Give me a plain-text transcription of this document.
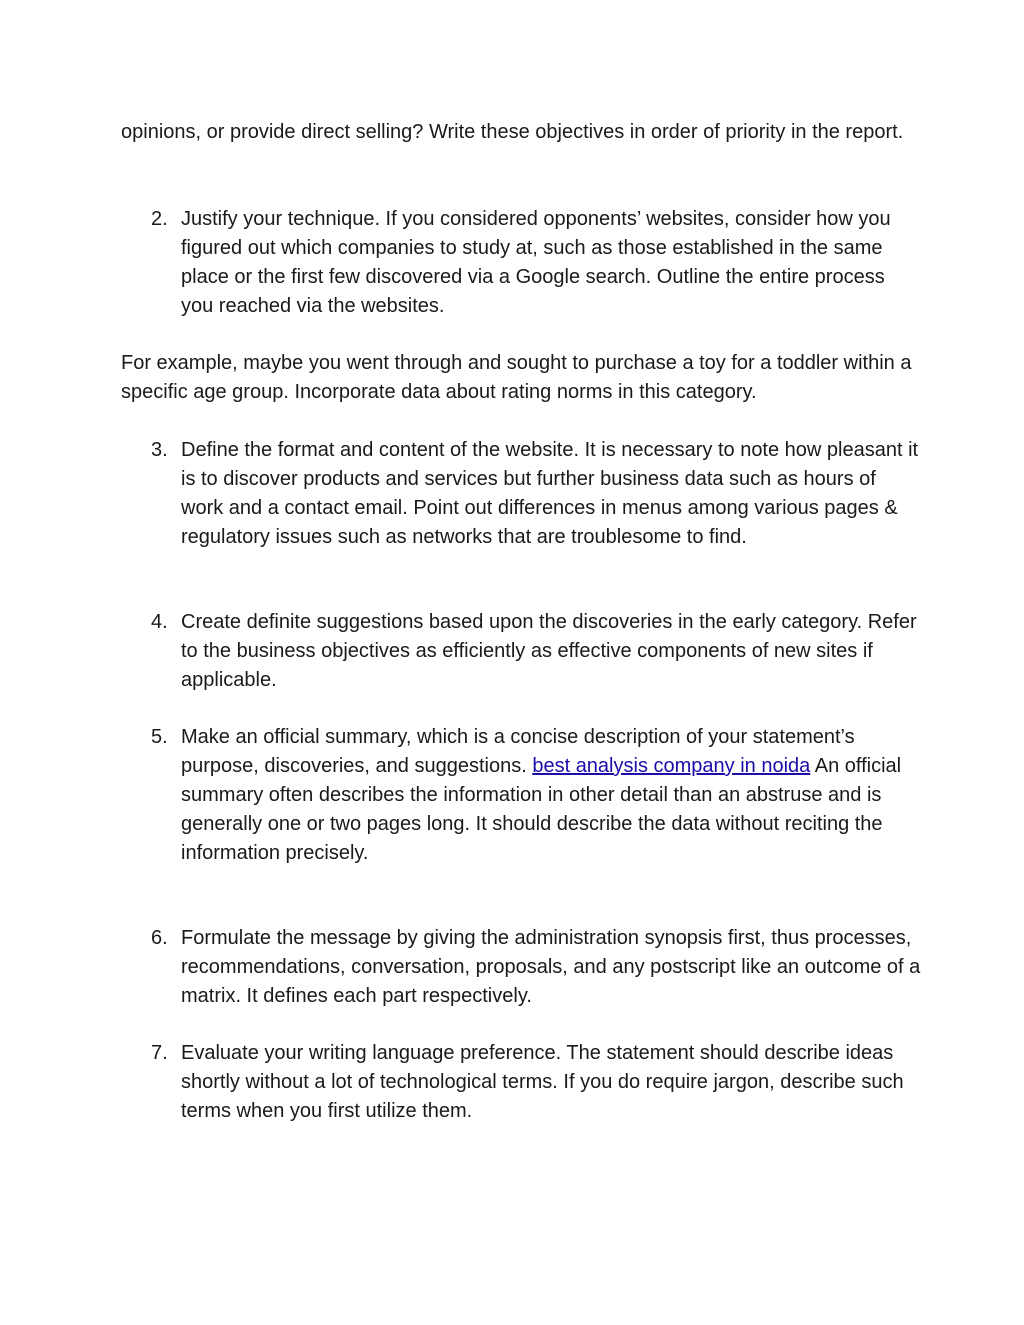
opinions, or provide direct selling? Write these objectives in order of priority in the report.

2. Justify your technique. If you considered opponents’ websites, consider how you figured out which companies to study at, such as those established in the same place or the first few discovered via a Google search. Outline the entire process you reached via the websites.

For example, maybe you went through and sought to purchase a toy for a toddler within a specific age group. Incorporate data about rating norms in this category.

3. Define the format and content of the website. It is necessary to note how pleasant it is to discover products and services but further business data such as hours of work and a contact email. Point out differences in menus among various pages & regulatory issues such as networks that are troublesome to find.
4. Create definite suggestions based upon the discoveries in the early category. Refer to the business objectives as efficiently as effective components of new sites if applicable.
5. Make an official summary, which is a concise description of your statement’s purpose, discoveries, and suggestions. best analysis company in noida An official summary often describes the information in other detail than an abstruse and is generally one or two pages long. It should describe the data without reciting the information precisely.
6. Formulate the message by giving the administration synopsis first, thus processes, recommendations, conversation, proposals, and any postscript like an outcome of a matrix. It defines each part respectively.
7. Evaluate your writing language preference. The statement should describe ideas shortly without a lot of technological terms. If you do require jargon, describe such terms when you first utilize them.
